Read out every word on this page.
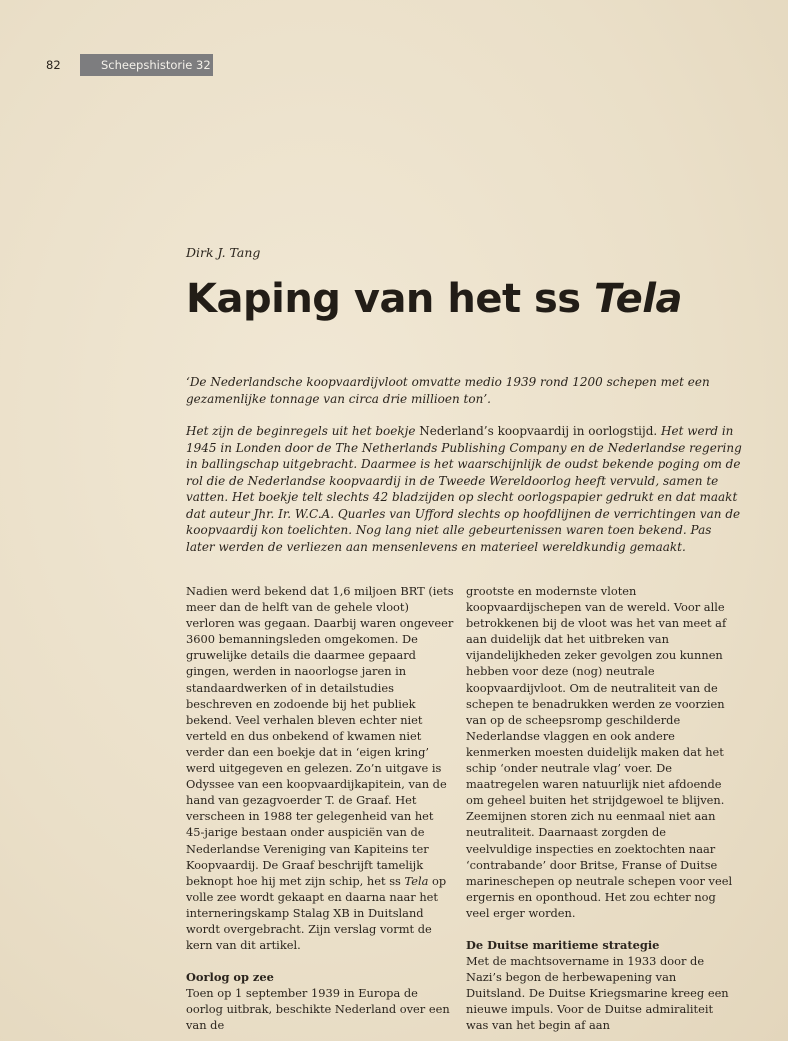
82	Scheepshistorie 32
Dirk J. Tang
Kaping van het ss Tela

‘De Nederlandsche koopvaardijvloot omvatte medio 1939 rond 1200 schepen met een gezamenlijke tonnage van circa drie millioen ton’.

Het zijn de beginregels uit het boekje Nederland’s koopvaardij in oorlogstijd. Het werd in 1945 in Londen door de The Netherlands Publishing Company en de Nederlandse regering in ballingschap uitgebracht. Daarmee is het waarschijnlijk de oudst bekende poging om de rol die de Nederlandse koopvaardij in de Tweede Wereldoorlog heeft vervuld, samen te vatten. Het boekje telt slechts 42 bladzijden op slecht oorlogspapier gedrukt en dat maakt dat auteur Jhr. Ir. W.C.A. Quarles van Ufford slechts op hoofdlijnen de verrichtingen van de koopvaardij kon toelichten. Nog lang niet alle gebeurtenissen waren toen bekend. Pas later werden de verliezen aan mensenlevens en materieel wereldkundig gemaakt.

Nadien werd bekend dat 1,6 miljoen BRT (iets meer dan de helft van de gehele vloot) verloren was gegaan. Daarbij waren ongeveer 3600 bemanningsleden omgekomen. De gruwelijke details die daarmee gepaard gingen, werden in naoorlogse jaren in standaardwerken of in detailstudies beschreven en zodoende bij het publiek bekend. Veel verhalen bleven echter niet verteld en dus onbekend of kwamen niet verder dan een boekje dat in ‘eigen kring’ werd uitgegeven en gelezen. Zo’n uitgave is Odyssee van een koopvaardijkapitein, van de hand van gezagvoerder T. de Graaf. Het verscheen in 1988 ter gelegenheid van het 45-jarige bestaan onder auspiciën van de Nederlandse Vereniging van Kapiteins ter Koopvaardij. De Graaf beschrijft tamelijk beknopt hoe hij met zijn schip, het ss Tela op volle zee wordt gekaapt en daarna naar het interneringskamp Stalag XB in Duitsland wordt overgebracht. Zijn verslag vormt de kern van dit artikel.

Oorlog op zee

Toen op 1 september 1939 in Europa de oorlog uitbrak, beschikte Nederland over een van de

grootste en modernste vloten koopvaardijschepen van de wereld. Voor alle betrokkenen bij de vloot was het van meet af aan duidelijk dat het uitbreken van vijandelijkheden zeker gevolgen zou kunnen hebben voor deze (nog) neutrale koopvaardijvloot. Om de neutraliteit van de schepen te benadrukken werden ze voorzien van op de scheepsromp geschilderde Nederlandse vlaggen en ook andere kenmerken moesten duidelijk maken dat het schip ‘onder neutrale vlag’ voer. De maatregelen waren natuurlijk niet afdoende om geheel buiten het strijdgewoel te blijven. Zeemijnen storen zich nu eenmaal niet aan neutraliteit. Daarnaast zorgden de veelvuldige inspecties en zoektochten naar ‘contrabande’ door Britse, Franse of Duitse marineschepen op neutrale schepen voor veel ergernis en oponthoud. Het zou echter nog veel erger worden.

De Duitse maritieme strategie

Met de machtsovername in 1933 door de Nazi’s begon de herbewapening van Duitsland. De Duitse Kriegsmarine kreeg een nieuwe impuls. Voor de Duitse admiraliteit was van het begin af aan
